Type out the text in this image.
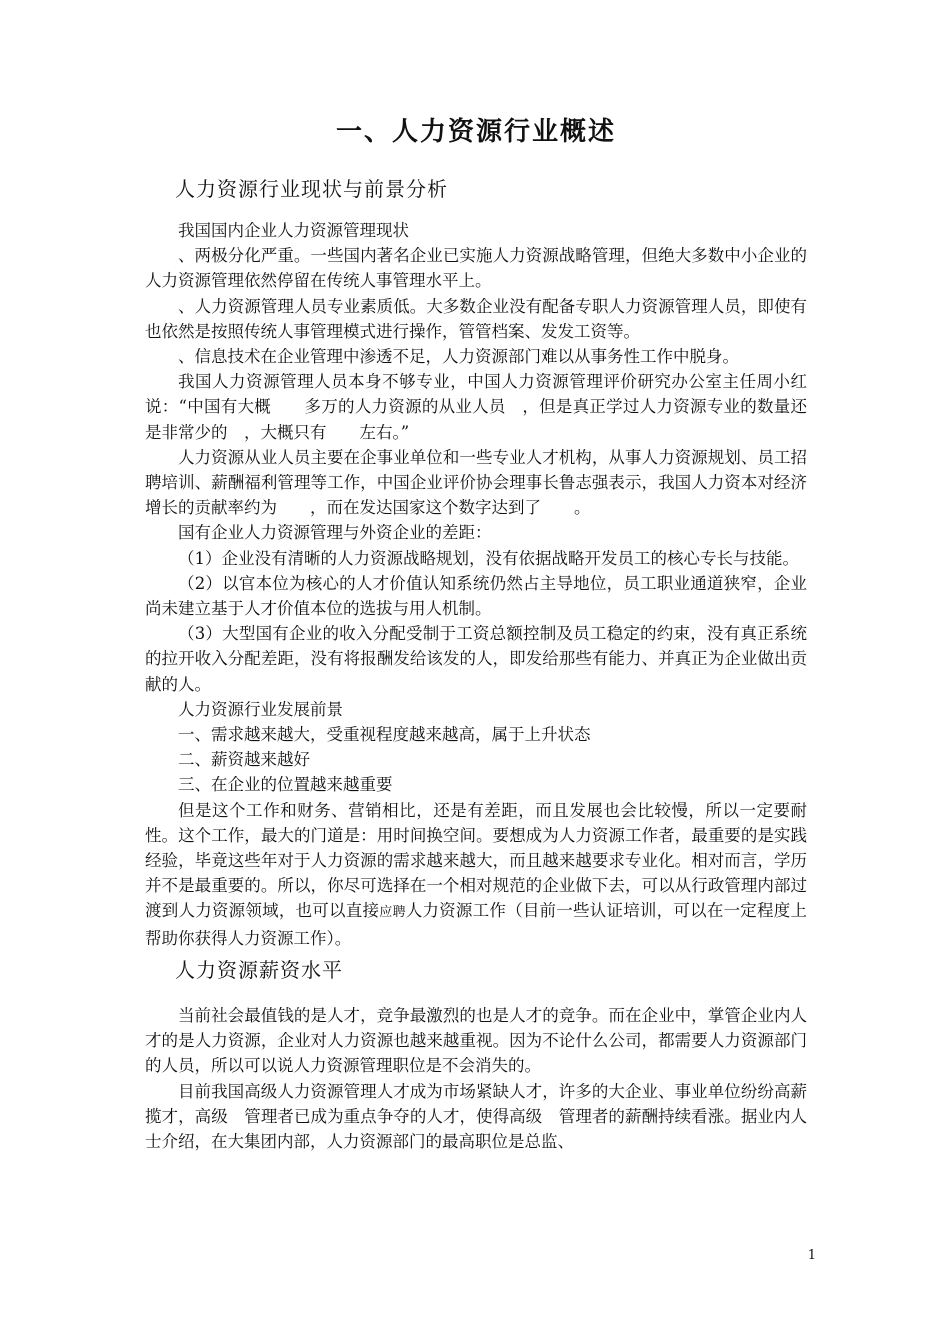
一、人力资源行业概述
人力资源行业现状与前景分析

我国国内企业人力资源管理现状

、两极分化严重。一些国内著名企业已实施人力资源战略管理，但绝大多数中小企业的人力资源管理依然停留在传统人事管理水平上。

、人力资源管理人员专业素质低。大多数企业没有配备专职人力资源管理人员，即使有也依然是按照传统人事管理模式进行操作，管管档案、发发工资等。

、信息技术在企业管理中渗透不足，人力资源部门难以从事务性工作中脱身。

我国人力资源管理人员本身不够专业，中国人力资源管理评价研究办公室主任周小红说：“中国有大概　　多万的人力资源的从业人员　，但是真正学过人力资源专业的数量还是非常少的　，大概只有　　左右。”

人力资源从业人员主要在企事业单位和一些专业人才机构，从事人力资源规划、员工招聘培训、薪酬福利管理等工作，中国企业评价协会理事长鲁志强表示，我国人力资本对经济增长的贡献率约为　　，而在发达国家这个数字达到了　　。

国有企业人力资源管理与外资企业的差距：

（1）企业没有清晰的人力资源战略规划，没有依据战略开发员工的核心专长与技能。

（2）以官本位为核心的人才价值认知系统仍然占主导地位，员工职业通道狭窄，企业尚未建立基于人才价值本位的选拔与用人机制。

（3）大型国有企业的收入分配受制于工资总额控制及员工稳定的约束，没有真正系统的拉开收入分配差距，没有将报酬发给该发的人，即发给那些有能力、并真正为企业做出贡献的人。

人力资源行业发展前景

一、需求越来越大，受重视程度越来越高，属于上升状态

二、薪资越来越好

三、在企业的位置越来越重要

但是这个工作和财务、营销相比，还是有差距，而且发展也会比较慢，所以一定要耐性。这个工作，最大的门道是：用时间换空间。要想成为人力资源工作者，最重要的是实践经验，毕竟这些年对于人力资源的需求越来越大，而且越来越要求专业化。相对而言，学历并不是最重要的。所以，你尽可选择在一个相对规范的企业做下去，可以从行政管理内部过渡到人力资源领域，也可以直接应聘人力资源工作（目前一些认证培训，可以在一定程度上帮助你获得人力资源工作）。

人力资源薪资水平

当前社会最值钱的是人才，竞争最激烈的也是人才的竞争。而在企业中，掌管企业内人才的是人力资源，企业对人力资源也越来越重视。因为不论什么公司，都需要人力资源部门的人员，所以可以说人力资源管理职位是不会消失的。

目前我国高级人力资源管理人才成为市场紧缺人才，许多的大企业、事业单位纷纷高薪揽才，高级　管理者已成为重点争夺的人才，使得高级　管理者的薪酬持续看涨。据业内人士介绍，在大集团内部，人力资源部门的最高职位是总监、

1
